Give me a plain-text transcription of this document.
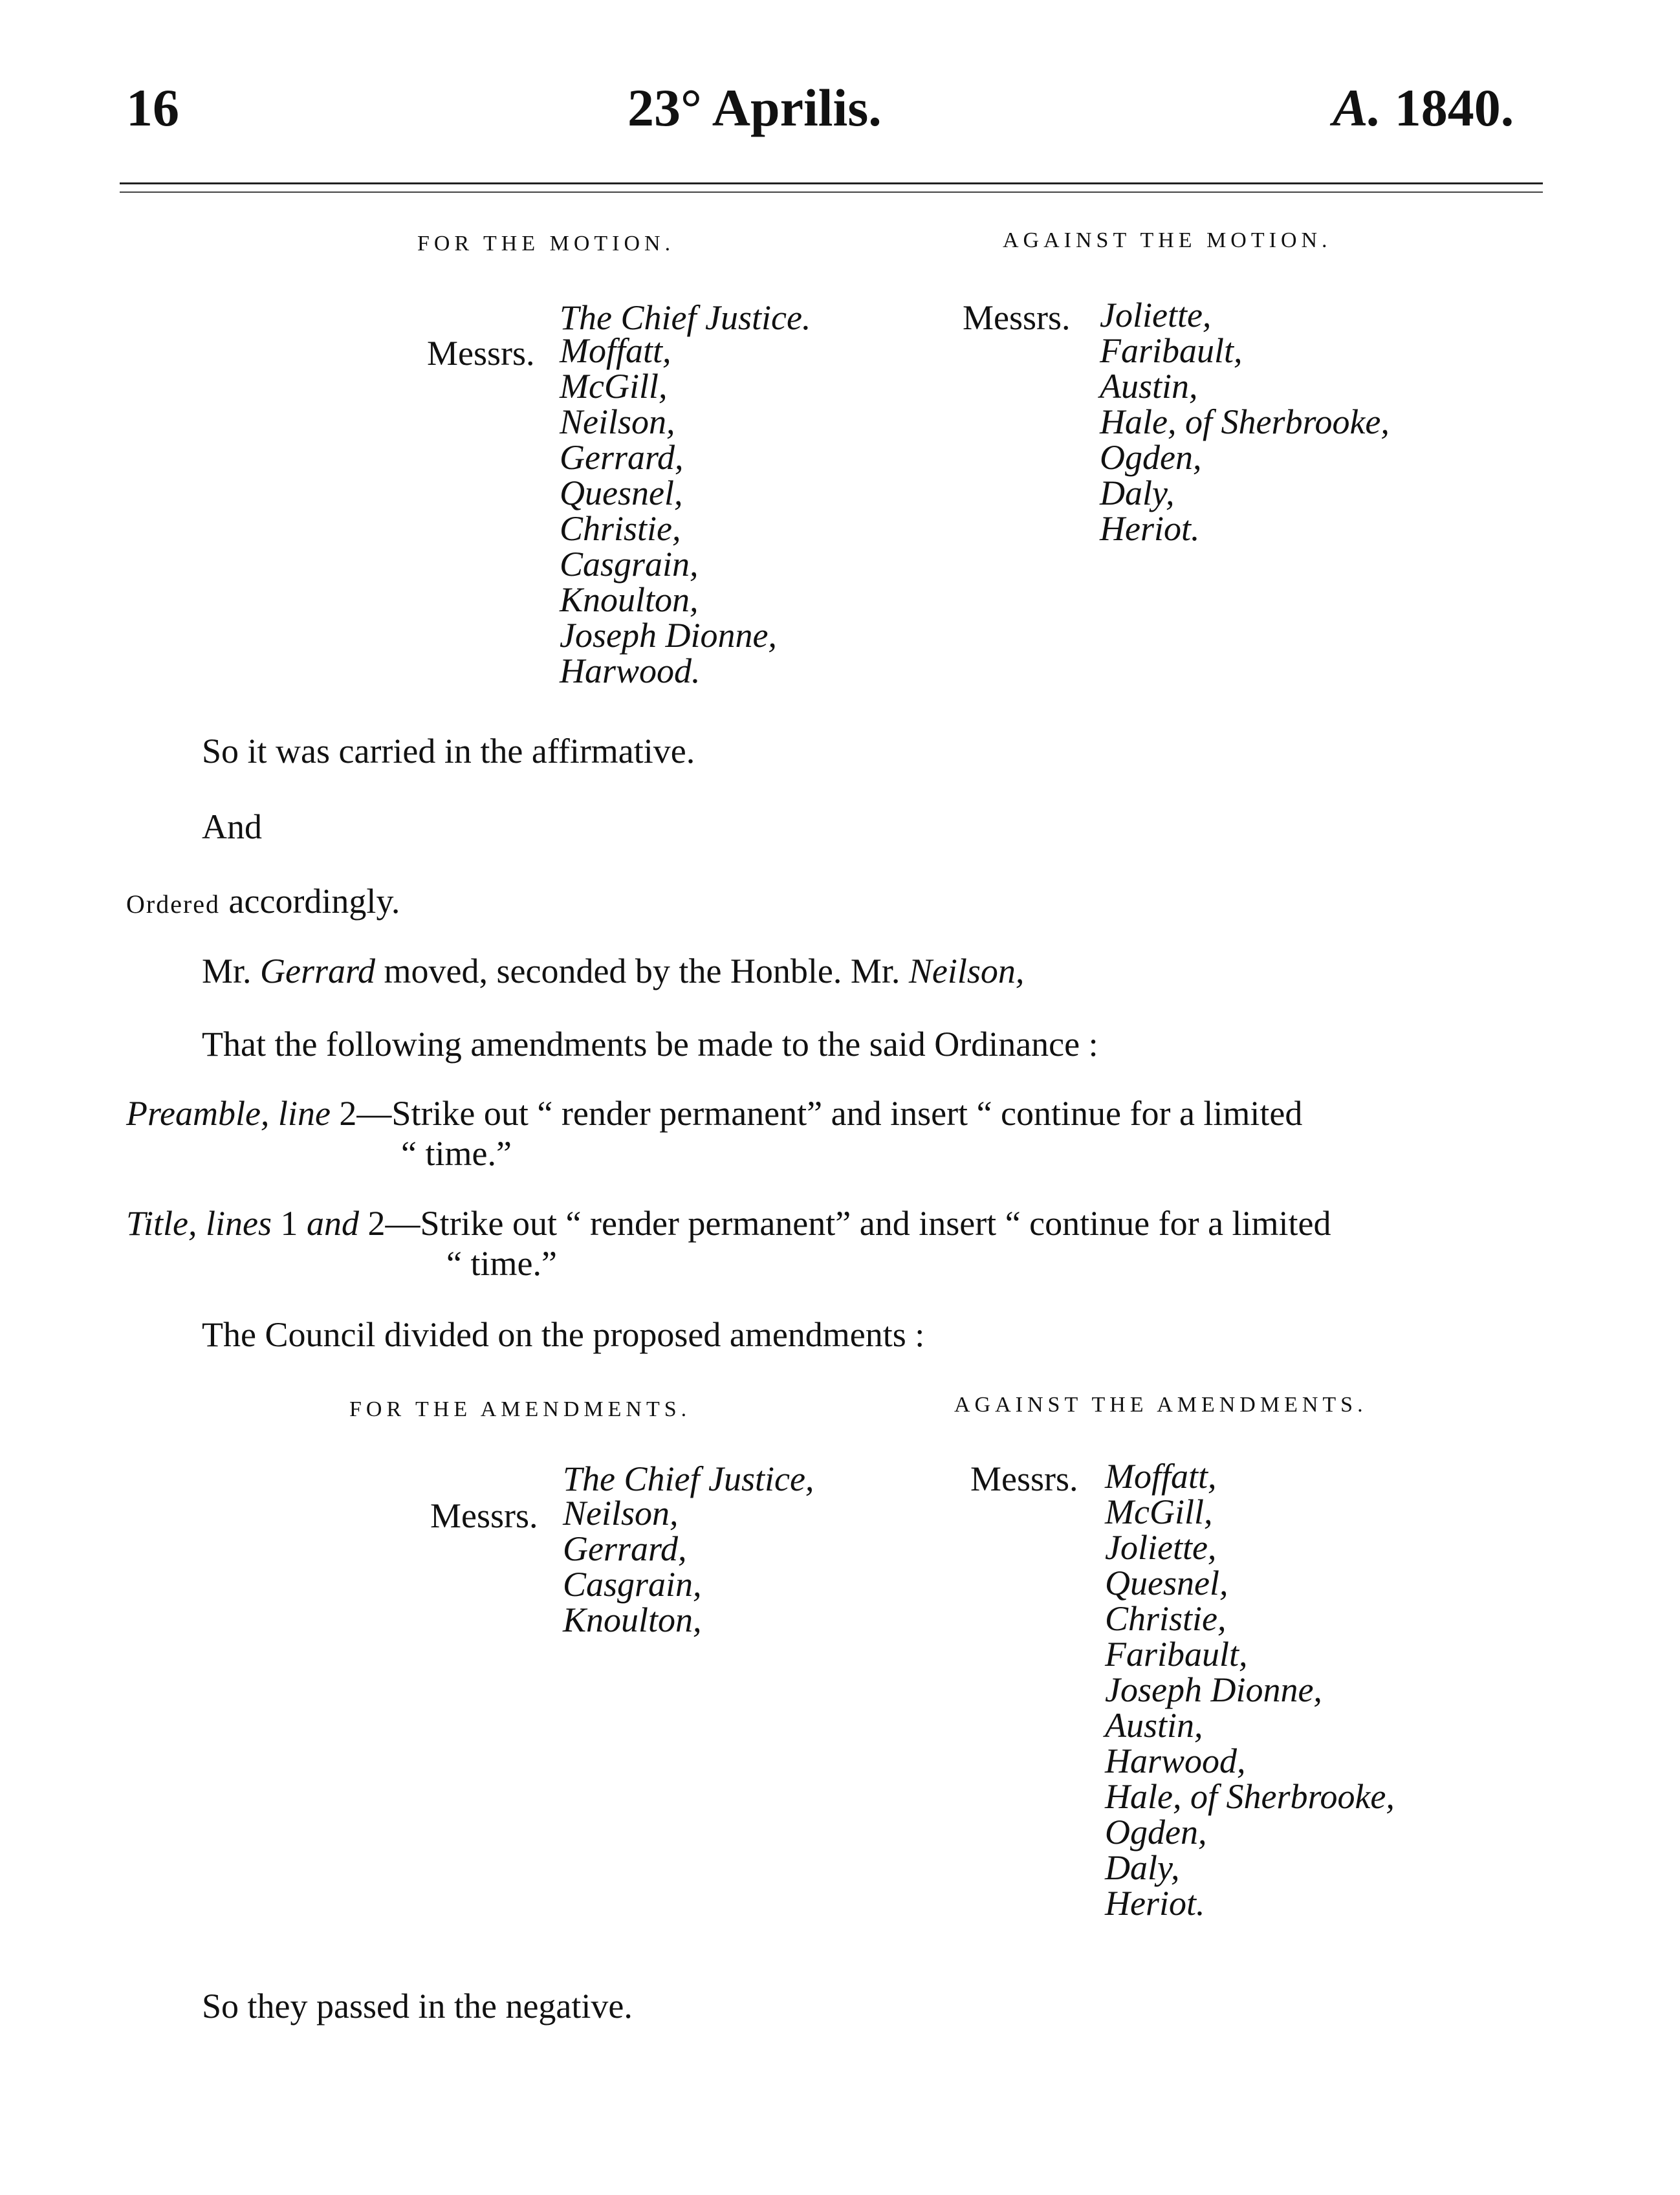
16	23° Aprilis.	A. 1840.
FOR THE MOTION.	AGAINST THE MOTION.
The Chief Justice.
Messrs. Moffatt,
McGill,
Neilson,
Gerrard,
Quesnel,
Christie,
Casgrain,
Knoulton,
Joseph Dionne,
Harwood.
Messrs. Joliette,
Faribault,
Austin,
Hale, of Sherbrooke,
Ogden,
Daly,
Heriot.
So it was carried in the affirmative.
And
Ordered accordingly.
Mr. Gerrard moved, seconded by the Honble. Mr. Neilson,
That the following amendments be made to the said Ordinance :
Preamble, line 2—Strike out “ render permanent” and insert “ continue for a limited
“ time.”
Title, lines 1 and 2—Strike out “ render permanent” and insert “ continue for a limited
“ time.”
The Council divided on the proposed amendments :
FOR THE AMENDMENTS.	AGAINST THE AMENDMENTS.
The Chief Justice,
Messrs. Neilson,
Gerrard,
Casgrain,
Knoulton,
Messrs. Moffatt,
McGill,
Joliette,
Quesnel,
Christie,
Faribault,
Joseph Dionne,
Austin,
Harwood,
Hale, of Sherbrooke,
Ogden,
Daly,
Heriot.
So they passed in the negative.
